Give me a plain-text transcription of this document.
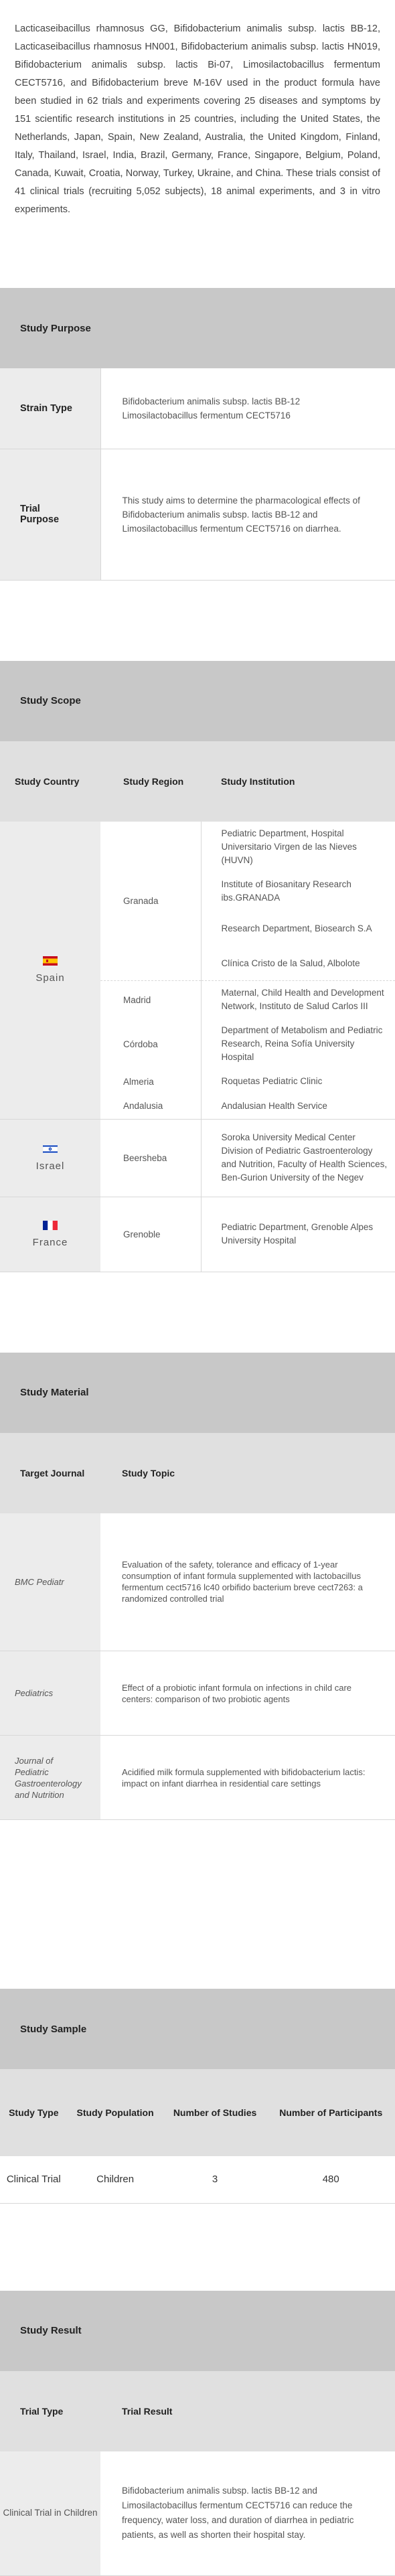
Lacticaseibacillus rhamnosus GG, Bifidobacterium animalis subsp. lactis BB-12, Lacticaseibacillus rhamnosus HN001, Bifidobacterium animalis subsp. lactis HN019, Bifidobacterium animalis subsp. lactis Bi-07, Limosilactobacillus fermentum CECT5716, and Bifidobacterium breve M-16V used in the product formula have been studied in 62 trials and experiments covering 25 diseases and symptoms by 151 scientific research institutions in 25 countries, including the United States, the Netherlands, Japan, Spain, New Zealand, Australia, the United Kingdom, Finland, Italy, Thailand, Israel, India, Brazil, Germany, France, Singapore, Belgium, Poland, Canada, Kuwait, Croatia, Norway, Turkey, Ukraine, and China. These trials consist of 41 clinical trials (recruiting 5,052 subjects), 18 animal experiments, and 3 in vitro experiments.

Study Purpose
Strain Type	Bifidobacterium animalis subsp. lactis BB-12
Limosilactobacillus fermentum CECT5716

Trial Purpose	This study aims to determine the pharmacological effects of Bifidobacterium animalis subsp. lactis BB-12 and Limosilactobacillus fermentum CECT5716 on diarrhea.
Study Scope
Study Country	Study Region	Study Institution

Spain	Granada	Pediatric Department, Hospital Universitario Virgen de las Nieves (HUVN)
		Institute of Biosanitary Research ibs.GRANADA
		Research Department, Biosearch S.A
		Clínica Cristo de la Salud, Albolote
	Madrid	Maternal, Child Health and Development Network, Instituto de Salud Carlos III
	Córdoba	Department of Metabolism and Pediatric Research, Reina Sofía University Hospital
	Almeria	Roquetas Pediatric Clinic
	Andalusia	Andalusian Health Service

Israel	Beersheba	Soroka University Medical Center Division of Pediatric Gastroenterology and Nutrition, Faculty of Health Sciences, Ben-Gurion University of the Negev

France	Grenoble	Pediatric Department, Grenoble Alpes University Hospital
Study Material
Target Journal	Study Topic
BMC Pediatr	Evaluation of the safety, tolerance and efficacy of 1-year consumption of infant formula supplemented with lactobacillus fermentum cect5716 lc40 orbifido bacterium breve cect7263: a randomized controlled trial
Pediatrics	Effect of a probiotic infant formula on infections in child care centers: comparison of two probiotic agents
Journal of Pediatric Gastroenterology and Nutrition	Acidified milk formula supplemented with bifidobacterium lactis: impact on infant diarrhea in residential care settings
Study Sample
Study Type	Study Population	Number of Studies	Number of Participants
Clinical Trial	Children	3	480
Study Result
Trial Type	Trial Result
Clinical Trial in Children	Bifidobacterium animalis subsp. lactis BB-12 and Limosilactobacillus fermentum CECT5716 can reduce the frequency, water loss, and duration of diarrhea in pediatric patients, as well as shorten their hospital stay.
